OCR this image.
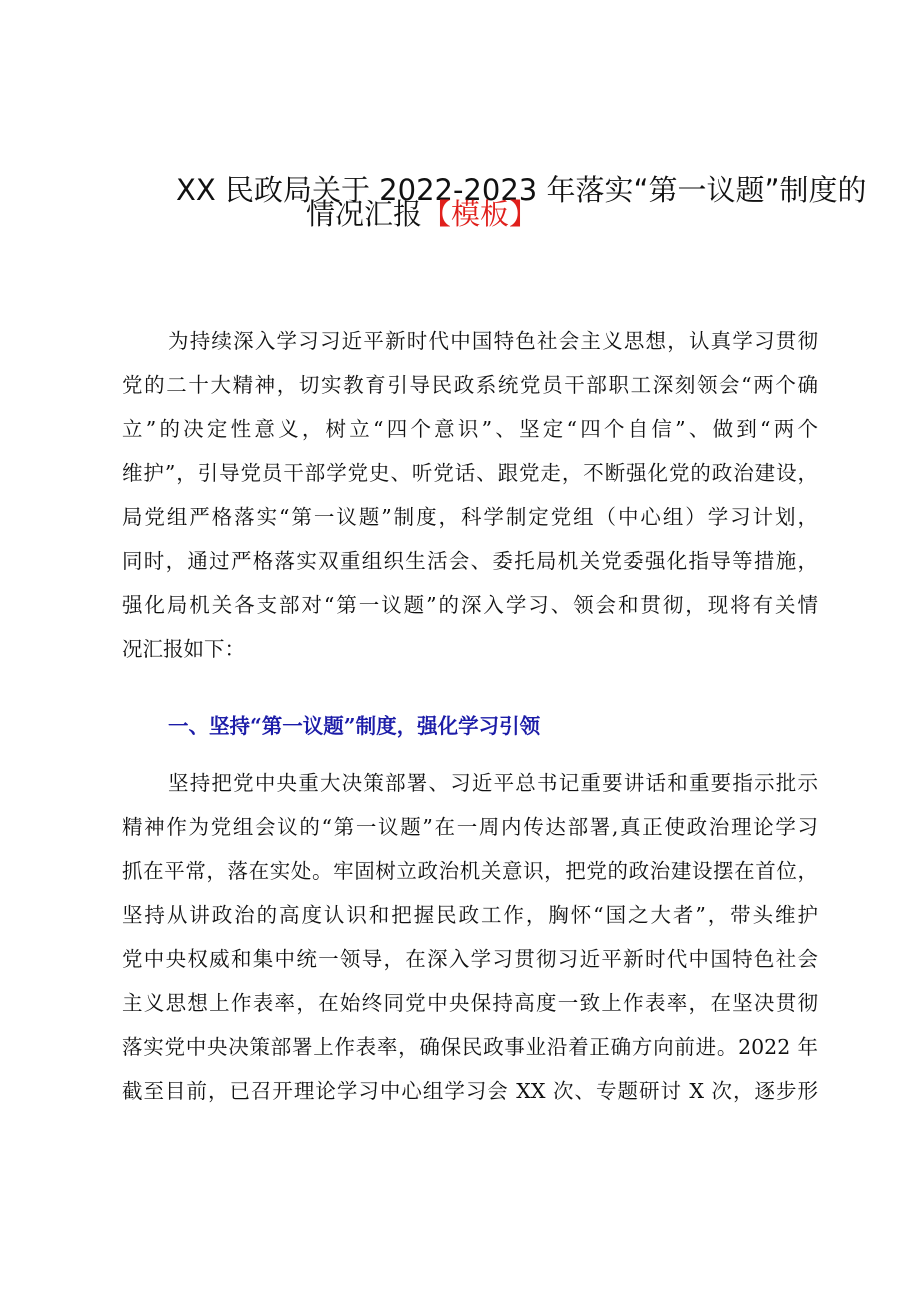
XX 民政局关于 2022-2023 年落实“第一议题”制度的
情况汇报【模板】
为持续深入学习习近平新时代中国特色社会主义思想，认真学习贯彻
党的二十大精神，切实教育引导民政系统党员干部职工深刻领会“两个确
立”的决定性意义，树立“四个意识”、坚定“四个自信”、做到“两个
维护”，引导党员干部学党史、听党话、跟党走，不断强化党的政治建设，
局党组严格落实“第一议题”制度，科学制定党组（中心组）学习计划，
同时，通过严格落实双重组织生活会、委托局机关党委强化指导等措施，
强化局机关各支部对“第一议题”的深入学习、领会和贯彻，现将有关情
况汇报如下：
一、坚持“第一议题”制度，强化学习引领
坚持把党中央重大决策部署、习近平总书记重要讲话和重要指示批示
精神作为党组会议的“第一议题”在一周内传达部署,真正使政治理论学习
抓在平常，落在实处。牢固树立政治机关意识，把党的政治建设摆在首位，
坚持从讲政治的高度认识和把握民政工作，胸怀“国之大者”，带头维护
党中央权威和集中统一领导，在深入学习贯彻习近平新时代中国特色社会
主义思想上作表率，在始终同党中央保持高度一致上作表率，在坚决贯彻
落实党中央决策部署上作表率，确保民政事业沿着正确方向前进。2022 年
截至目前，已召开理论学习中心组学习会 XX 次、专题研讨 X 次，逐步形
